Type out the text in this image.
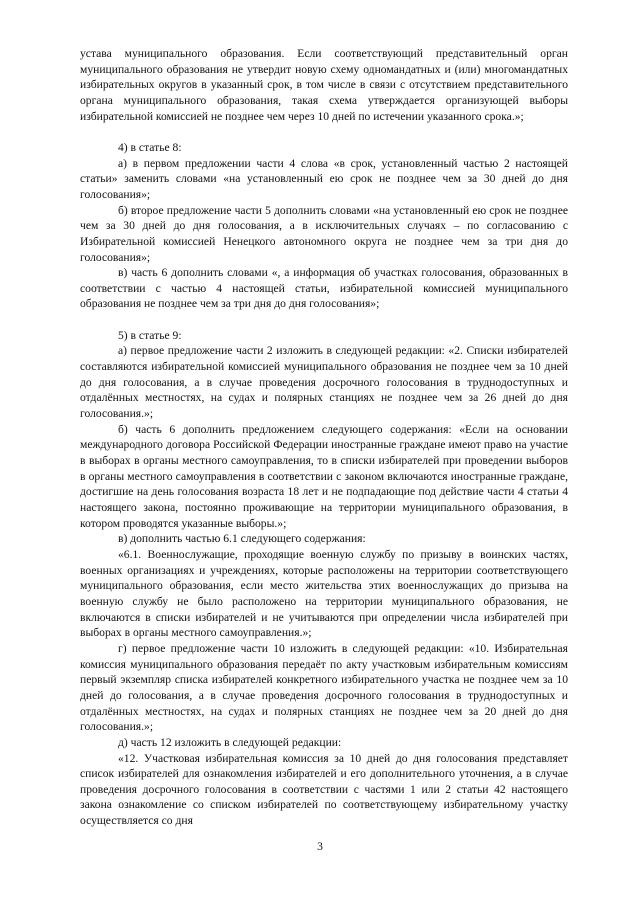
устава муниципального образования. Если соответствующий представительный орган муниципального образования не утвердит новую схему одномандатных и (или) многомандатных избирательных округов в указанный срок, в том числе в связи с отсутствием представительного органа муниципального образования, такая схема утверждается организующей выборы избирательной комиссией не позднее чем через 10 дней по истечении указанного срока.»;

4) в статье 8:

а) в первом предложении части 4 слова «в срок, установленный частью 2 настоящей статьи» заменить словами «на установленный ею срок не позднее чем за 30 дней до дня голосования»;

б) второе предложение части 5 дополнить словами «на установленный ею срок не позднее чем за 30 дней до дня голосования, а в исключительных случаях – по согласованию с Избирательной комиссией Ненецкого автономного округа не позднее чем за три дня до голосования»;

в) часть 6 дополнить словами «, а информация об участках голосования, образованных в соответствии с частью 4 настоящей статьи, избирательной комиссией муниципального образования не позднее чем за три дня до дня голосования»;

5) в статье 9:

а) первое предложение части 2 изложить в следующей редакции: «2. Списки избирателей составляются избирательной комиссией муниципального образования не позднее чем за 10 дней до дня голосования, а в случае проведения досрочного голосования в труднодоступных и отдалённых местностях, на судах и полярных станциях не позднее чем за 26 дней до дня голосования.»;

б) часть 6 дополнить предложением следующего содержания: «Если на основании международного договора Российской Федерации иностранные граждане имеют право на участие в выборах в органы местного самоуправления, то в списки избирателей при проведении выборов в органы местного самоуправления в соответствии с законом включаются иностранные граждане, достигшие на день голосования возраста 18 лет и не подпадающие под действие части 4 статьи 4 настоящего закона, постоянно проживающие на территории муниципального образования, в котором проводятся указанные выборы.»;

в) дополнить частью 6.1 следующего содержания:

«6.1. Военнослужащие, проходящие военную службу по призыву в воинских частях, военных организациях и учреждениях, которые расположены на территории соответствующего муниципального образования, если место жительства этих военнослужащих до призыва на военную службу не было расположено на территории муниципального образования, не включаются в списки избирателей и не учитываются при определении числа избирателей при выборах в органы местного самоуправления.»;

г) первое предложение части 10 изложить в следующей редакции: «10. Избирательная комиссия муниципального образования передаёт по акту участковым избирательным комиссиям первый экземпляр списка избирателей конкретного избирательного участка не позднее чем за 10 дней до голосования, а в случае проведения досрочного голосования в труднодоступных и отдалённых местностях, на судах и полярных станциях не позднее чем за 20 дней до дня голосования.»;

д) часть 12 изложить в следующей редакции:

«12. Участковая избирательная комиссия за 10 дней до дня голосования представляет список избирателей для ознакомления избирателей и его дополнительного уточнения, а в случае проведения досрочного голосования в соответствии с частями 1 или 2 статьи 42 настоящего закона ознакомление со списком избирателей по соответствующему избирательному участку осуществляется со дня

3
